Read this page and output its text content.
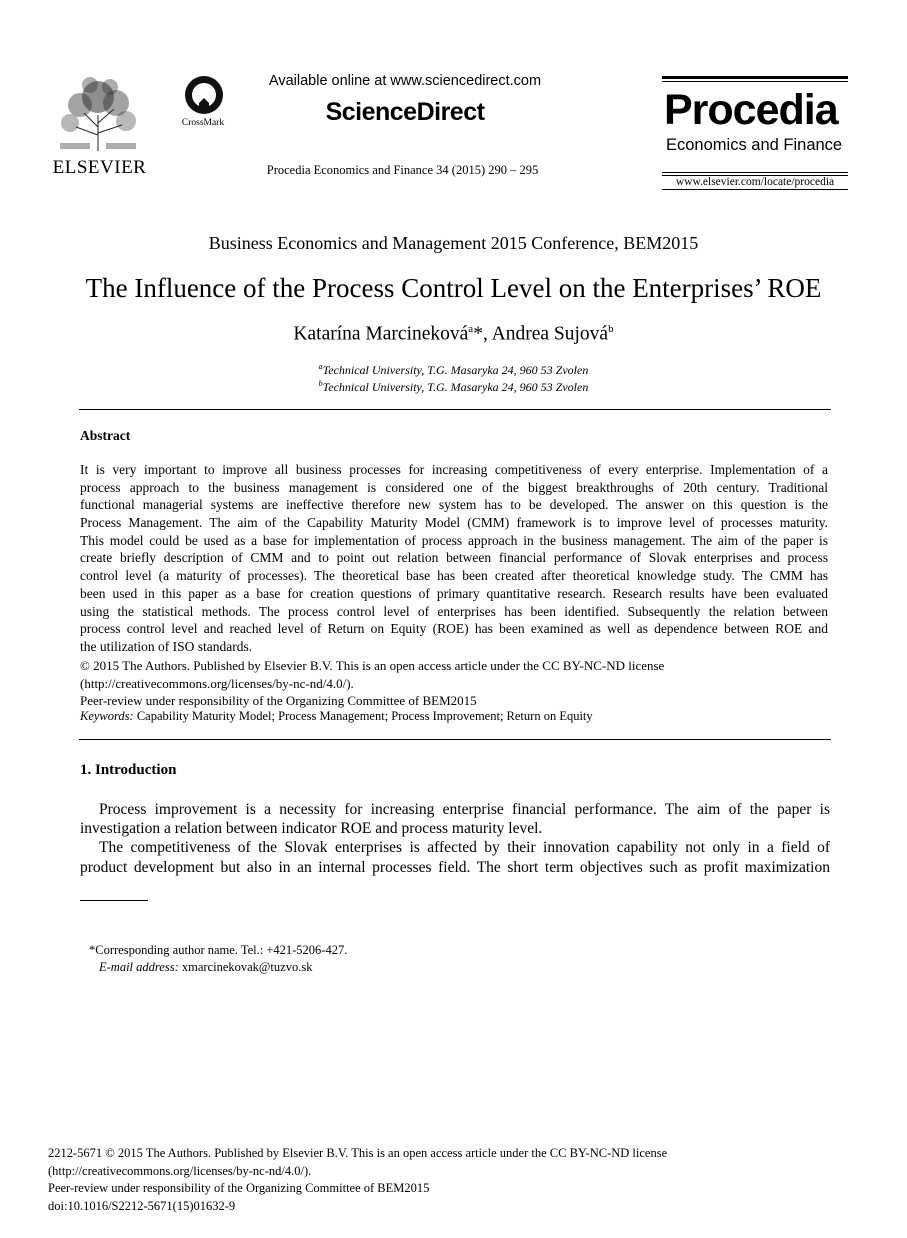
ELSEVIER
CrossMark
Available online at www.sciencedirect.com
ScienceDirect
Procedia Economics and Finance 34 (2015) 290 – 295
Procedia
Economics and Finance
www.elsevier.com/locate/procedia
Business Economics and Management 2015 Conference, BEM2015
The Influence of the Process Control Level on the Enterprises’ ROE
Katarína Marcineková$^a$*, Andrea Sujová$^b$
$^a$Technical University, T.G. Masaryka 24, 960 53 Zvolen
$^b$Technical University, T.G. Masaryka 24, 960 53 Zvolen
Abstract
It is very important to improve all business processes for increasing competitiveness of every enterprise. Implementation of a
process approach to the business management is considered one of the biggest breakthroughs of 20th century. Traditional
functional managerial systems are ineffective therefore new system has to be developed. The answer on this question is the
Process Management. The aim of the Capability Maturity Model (CMM) framework is to improve level of processes maturity.
This model could be used as a base for implementation of process approach in the business management. The aim of the paper is
create briefly description of CMM and to point out relation between financial performance of Slovak enterprises and process
control level (a maturity of processes). The theoretical base has been created after theoretical knowledge study. The CMM has
been used in this paper as a base for creation questions of primary quantitative research. Research results have been evaluated
using the statistical methods. The process control level of enterprises has been identified. Subsequently the relation between
process control level and reached level of Return on Equity (ROE) has been examined as well as dependence between ROE and
the utilization of ISO standards.
© 2015 The Authors. Published by Elsevier B.V. This is an open access article under the CC BY-NC-ND license
(http://creativecommons.org/licenses/by-nc-nd/4.0/).
Peer-review under responsibility of the Organizing Committee of BEM2015
Keywords: Capability Maturity Model; Process Management; Process Improvement; Return on Equity
1. Introduction
Process improvement is a necessity for increasing enterprise financial performance. The aim of the paper is
investigation a relation between indicator ROE and process maturity level.
The competitiveness of the Slovak enterprises is affected by their innovation capability not only in a field of
product development but also in an internal processes field. The short term objectives such as profit maximization
*Corresponding author name. Tel.: +421-5206-427.
E-mail address: xmarcinekovak@tuzvo.sk
2212-5671 © 2015 The Authors. Published by Elsevier B.V. This is an open access article under the CC BY-NC-ND license
(http://creativecommons.org/licenses/by-nc-nd/4.0/).
Peer-review under responsibility of the Organizing Committee of BEM2015
doi:10.1016/S2212-5671(15)01632-9
